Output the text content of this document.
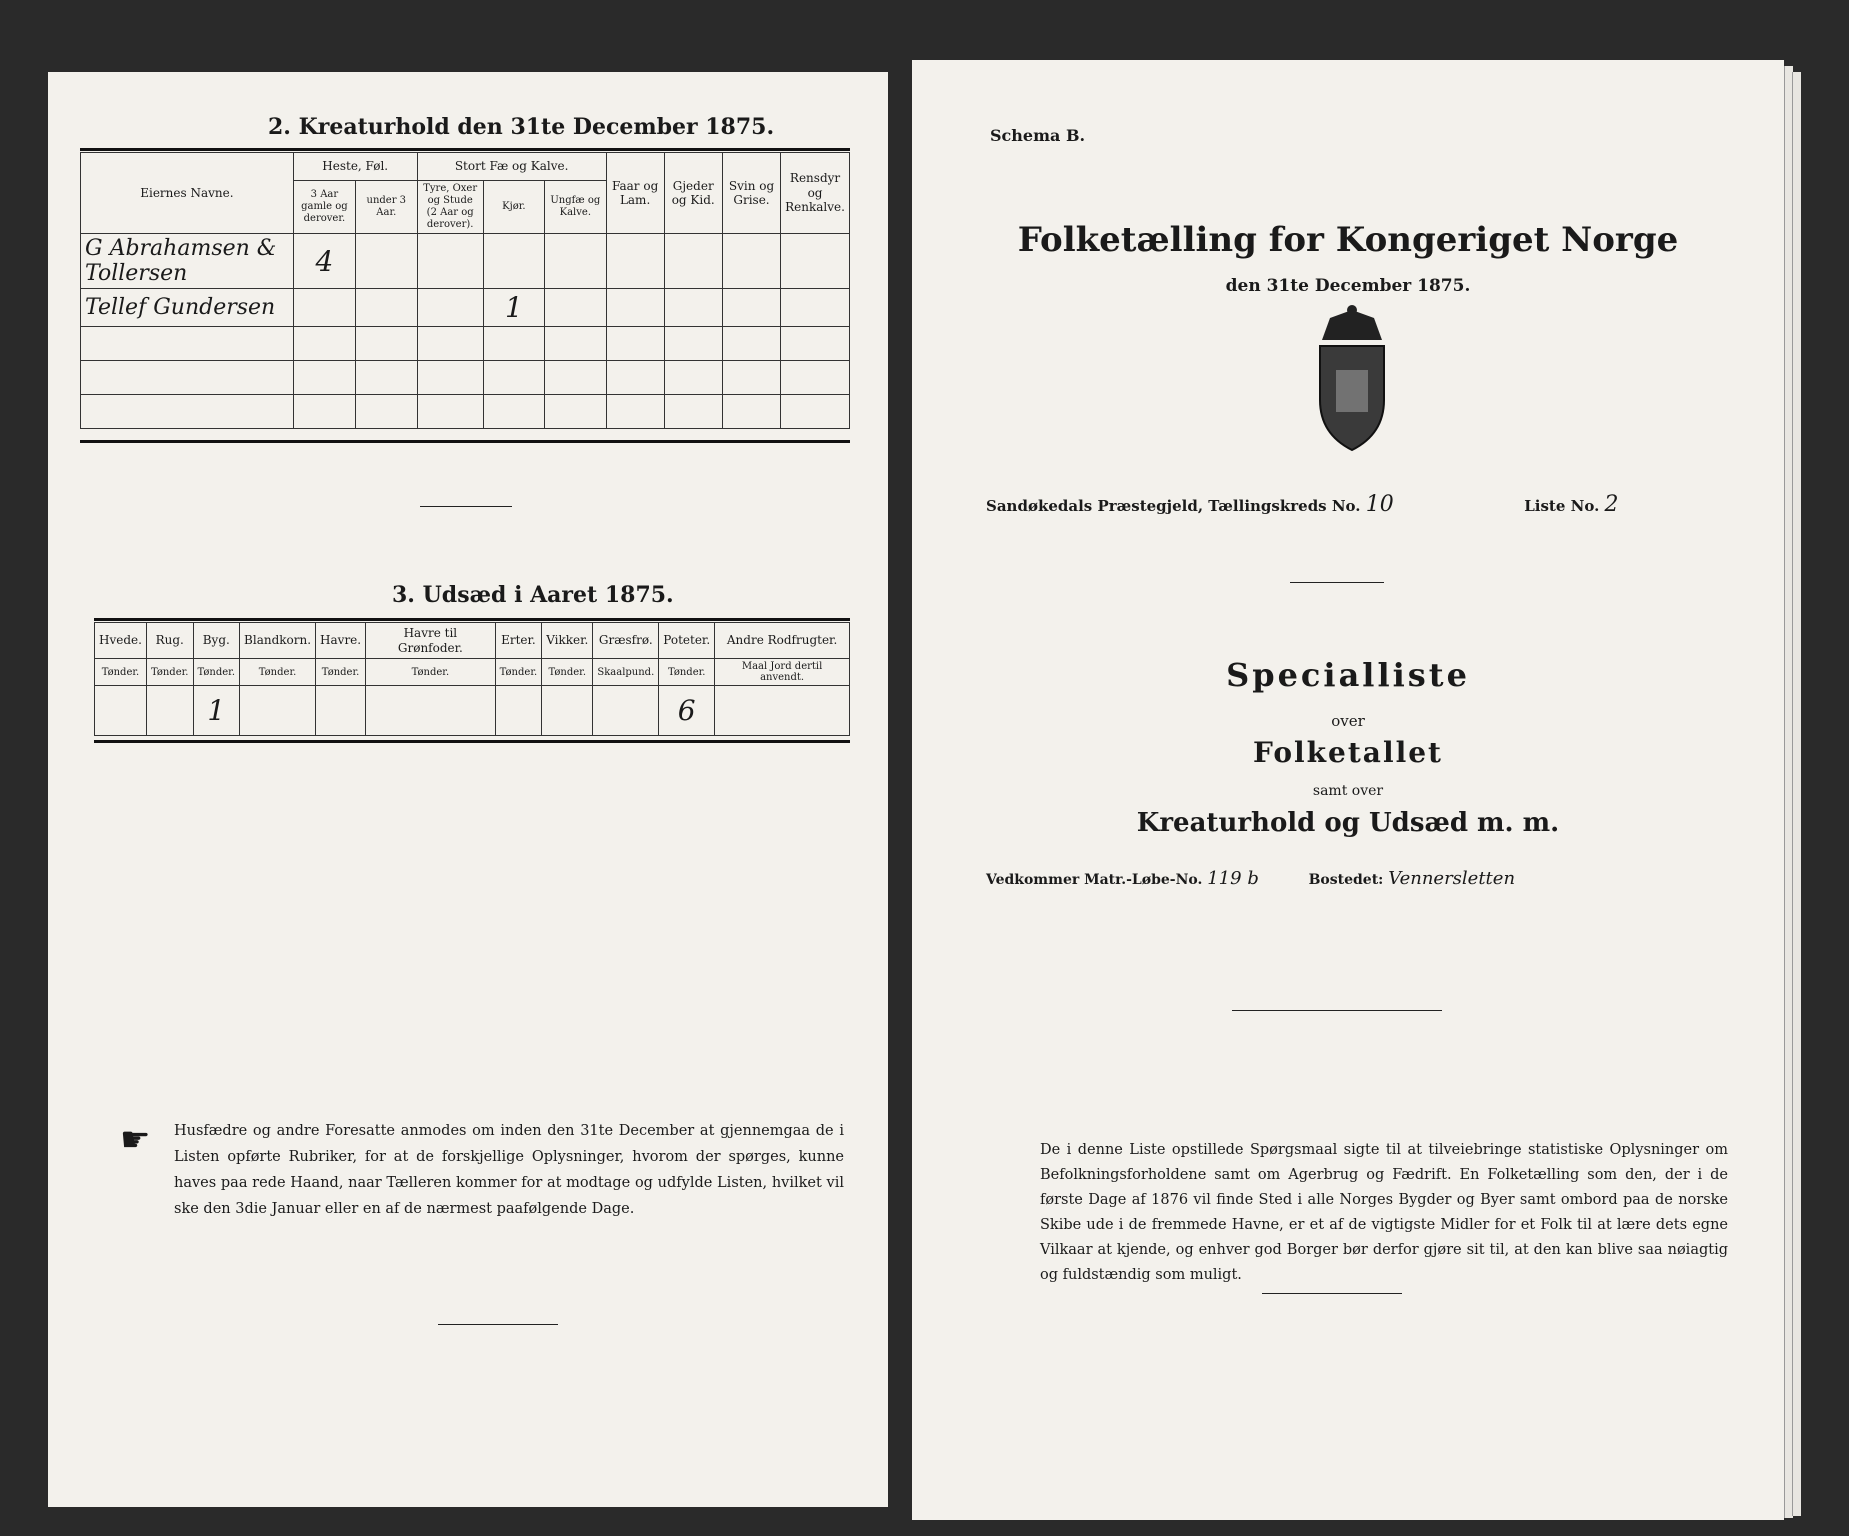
2. Kreaturhold den 31te December 1875.
Eiernes Navne.	Heste, Føl.		Stort Fæ og Kalve.			Faar og Lam.	Gjeder og Kid.	Svin og Grise.	Rensdyr og Renkalve.
	3 Aar gamle og derover.	under 3 Aar.	Tyre, Oxer og Stude (2 Aar og derover).	Kjør.	Ungfæ og Kalve.				
G Abrahamsen & Tollersen	4								
Tellef Gundersen				1					

3. Udsæd i Aaret 1875.
Hvede.	Rug.	Byg.	Blandkorn.	Havre.	Havre til Grønfoder.	Erter.	Vikker.	Græsfrø.	Poteter.	Andre Rodfrugter.
Tønder.	Tønder.	Tønder.	Tønder.	Tønder.	Tønder.	Tønder.	Tønder.	Skaalpund.	Tønder.	Maal Jord dertil anvendt.
		1							6	
☛ Husfædre og andre Foresatte anmodes om inden den 31te December at gjennemgaa de i Listen opførte Rubriker, for at de forskjellige Oplysninger, hvorom der spørges, kunne haves paa rede Haand, naar Tælleren kommer for at modtage og udfylde Listen, hvilket vil ske den 3die Januar eller en af de nærmest paafølgende Dage.
Schema B.
Folketælling for Kongeriget Norge
den 31te December 1875.
Sandøkedals Præstegjeld, Tællingskreds No. 10	Liste No. 2
Specialliste
over
Folketallet
samt over
Kreaturhold og Udsæd m. m.
Vedkommer Matr.-Løbe-No. 119 b	Bostedet: Vennersletten
De i denne Liste opstillede Spørgsmaal sigte til at tilveiebringe statistiske Oplysninger om Befolkningsforholdene samt om Agerbrug og Fædrift. En Folketælling som den, der i de første Dage af 1876 vil finde Sted i alle Norges Bygder og Byer samt ombord paa de norske Skibe ude i de fremmede Havne, er et af de vigtigste Midler for et Folk til at lære dets egne Vilkaar at kjende, og enhver god Borger bør derfor gjøre sit til, at den kan blive saa nøiagtig og fuldstændig som muligt.
